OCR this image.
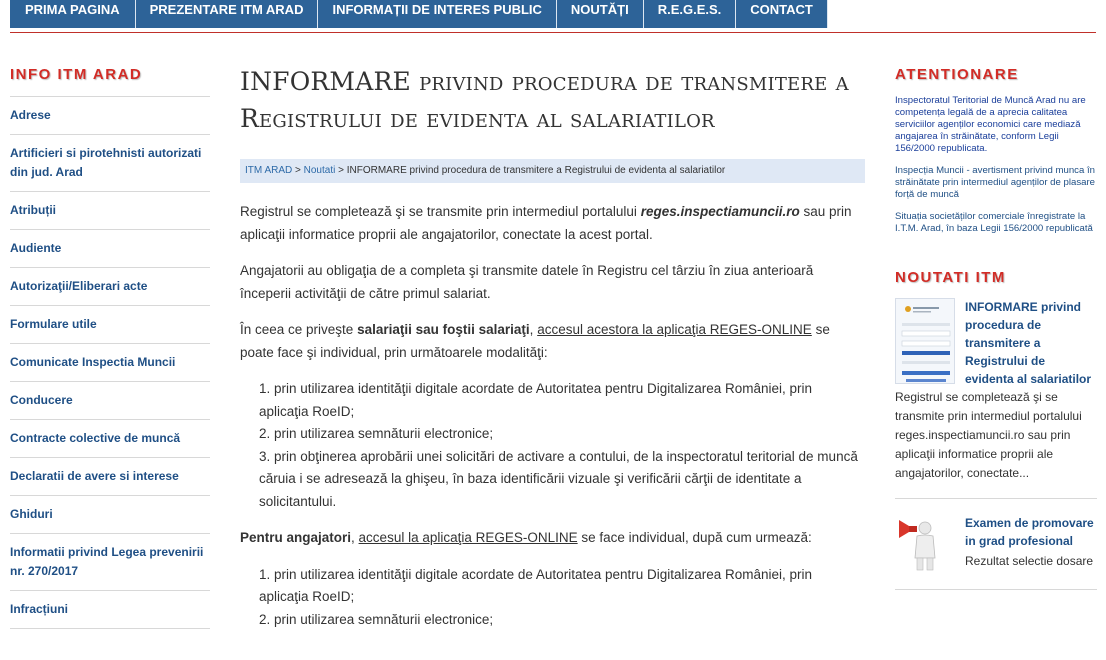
PRIMA PAGINA	PREZENTARE ITM ARAD	INFORMAȚII DE INTERES PUBLIC	NOUTĂȚI	R.E.G.E.S.	CONTACT
INFO ITM ARAD
Adrese
Artificieri si pirotehnisti autorizati din jud. Arad
Atribuții
Audiente
Autorizaţii/Eliberari acte
Formulare utile
Comunicate Inspectia Muncii
Conducere
Contracte colective de muncă
Declaratii de avere si interese
Ghiduri
Informatii privind Legea prevenirii nr. 270/2017
Infracțiuni
INFORMARE privind procedura de transmitere a Registrului de evidenta al salariatilor
ITM ARAD > Noutati > INFORMARE privind procedura de transmitere a Registrului de evidenta al salariatilor

Registrul se completează şi se transmite prin intermediul portalului reges.inspectiamuncii.ro sau prin aplicaţii informatice proprii ale angajatorilor, conectate la acest portal.

Angajatorii au obligaţia de a completa şi transmite datele în Registru cel târziu în ziua anterioară începerii activităţii de către primul salariat.

În ceea ce priveşte salariaţii sau foştii salariaţi, accesul acestora la aplicaţia REGES-ONLINE se poate face şi individual, prin următoarele modalităţi:

1. prin utilizarea identităţii digitale acordate de Autoritatea pentru Digitalizarea României, prin aplicaţia RoeID;
2. prin utilizarea semnăturii electronice;
3. prin obţinerea aprobării unei solicitări de activare a contului, de la inspectoratul teritorial de muncă căruia i se adresează la ghişeu, în baza identificării vizuale şi verificării cărţii de identitate a solicitantului.

Pentru angajatori, accesul la aplicaţia REGES-ONLINE se face individual, după cum urmează:

1. prin utilizarea identităţii digitale acordate de Autoritatea pentru Digitalizarea României, prin aplicaţia RoeID;
2. prin utilizarea semnăturii electronice;
ATENTIONARE
Inspectoratul Teritorial de Muncă Arad nu are competența legală de a aprecia calitatea serviciilor agenților economici care mediază angajarea în străinătate, conform Legii 156/2000 republicata.
Inspecția Muncii - avertisment privind munca în străinătate prin intermediul agenților de plasare forță de muncă
Situația societăților comerciale înregistrate la I.T.M. Arad, în baza Legii 156/2000 republicată
NOUTATI ITM
INFORMARE privind procedura de transmitere a Registrului de evidenta al salariatilor
Registrul se completează şi se transmite prin intermediul portalului reges.inspectiamuncii.ro sau prin aplicaţii informatice proprii ale angajatorilor, conectate...
Examen de promovare in grad profesional
Rezultat selectie dosare
